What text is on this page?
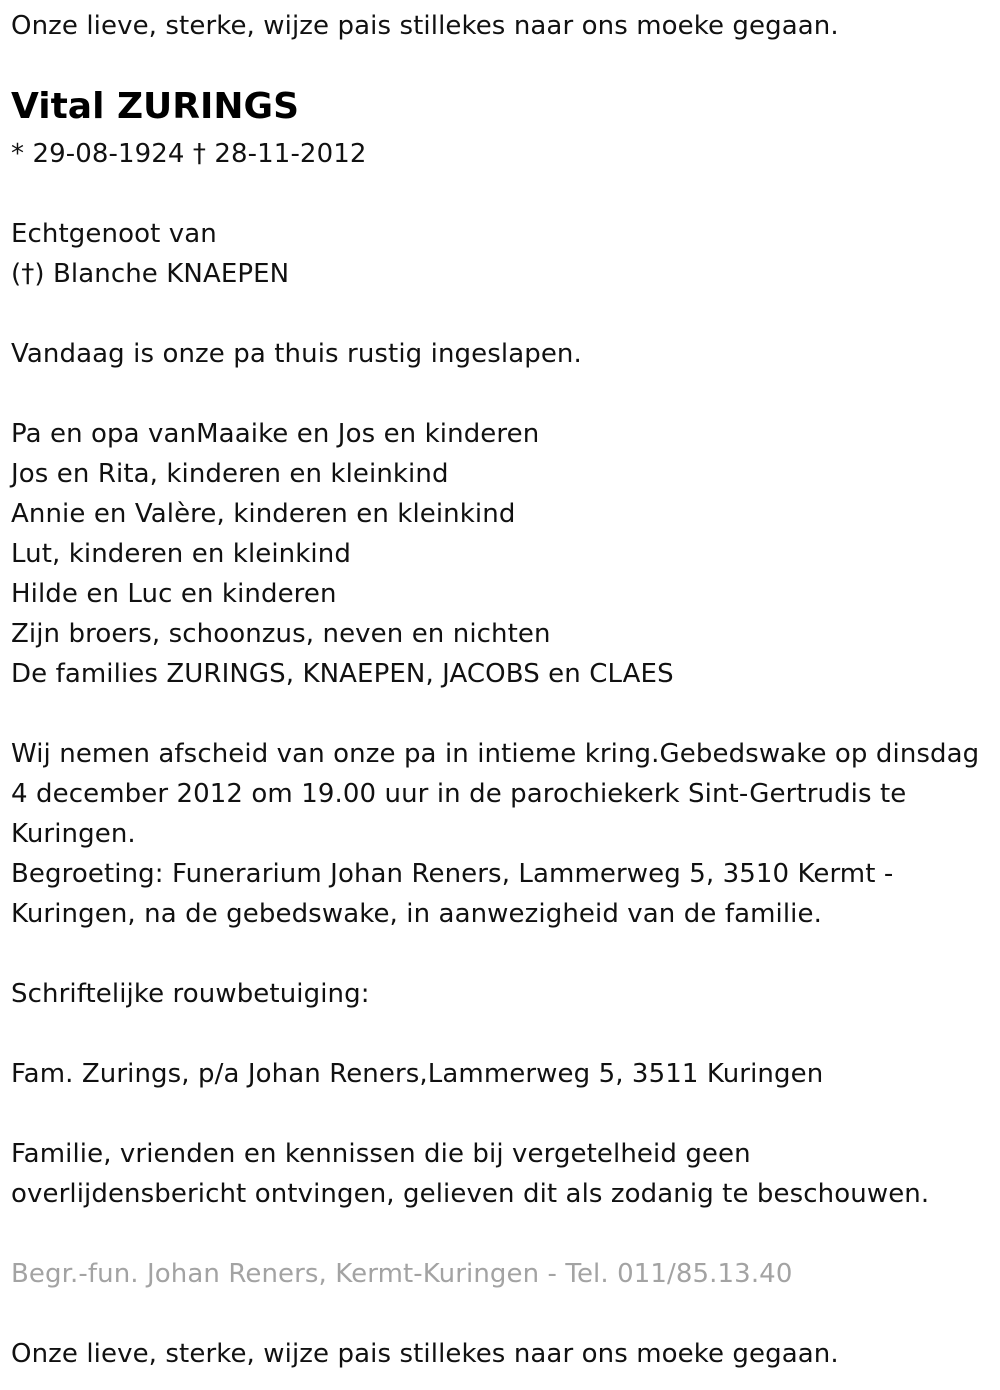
Onze lieve, sterke, wijze pais stillekes naar ons moeke gegaan.
Vital ZURINGS
* 29-08-1924 † 28-11-2012
Echtgenoot van
(†) Blanche KNAEPEN
Vandaag is onze pa thuis rustig ingeslapen.
Pa en opa vanMaaike en Jos en kinderen
Jos en Rita, kinderen en kleinkind
Annie en Valère, kinderen en kleinkind
Lut, kinderen en kleinkind
Hilde en Luc en kinderen
Zijn broers, schoonzus, neven en nichten
De families ZURINGS, KNAEPEN, JACOBS en CLAES
Wij nemen afscheid van onze pa in intieme kring.Gebedswake op dinsdag
4 december 2012 om 19.00 uur in de parochiekerk Sint-Gertrudis te
Kuringen.
Begroeting: Funerarium Johan Reners, Lammerweg 5, 3510 Kermt -
Kuringen, na de gebedswake, in aanwezigheid van de familie.
Schriftelijke rouwbetuiging:
Fam. Zurings, p/a Johan Reners,Lammerweg 5, 3511 Kuringen
Familie, vrienden en kennissen die bij vergetelheid geen
overlijdensbericht ontvingen, gelieven dit als zodanig te beschouwen.
Begr.-fun. Johan Reners, Kermt-Kuringen - Tel. 011/85.13.40
Onze lieve, sterke, wijze pais stillekes naar ons moeke gegaan.
